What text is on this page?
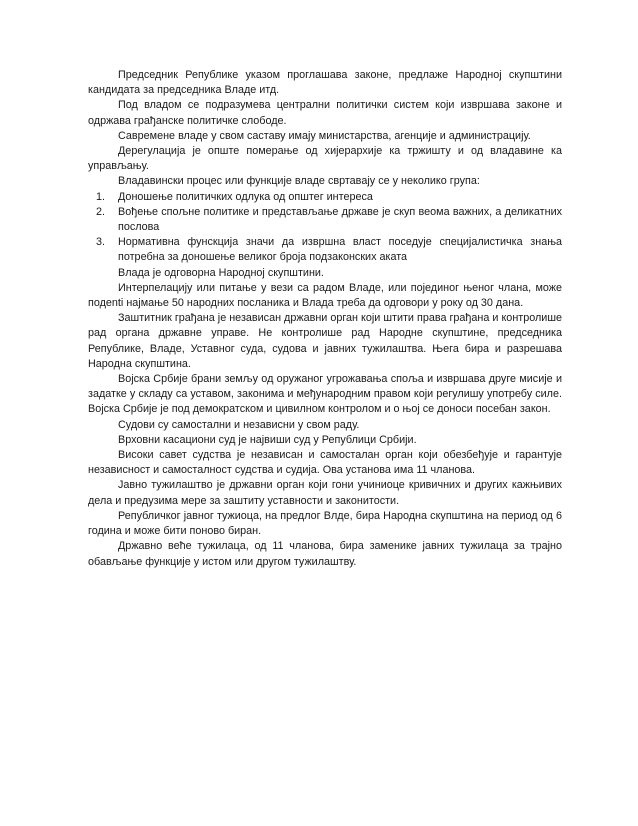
Председник Републике указом проглашава законе, предлаже Народној скупштини кандидата за председника Владе итд.

Под владом се подразумева централни политички систем који извршава законе и одржава грађанске политичке слободе.

Савремене владе у свом саставу имају министарства, агенције и администрацију.

Дерегулација је опште померање од хијерархије ка тржишту и од владавине ка управљању.

Владавински процес или функције владе свртавaју се у неколико група:

1. Доношење политичких одлука од општег интереса
2. Вођење спољне политике и представљање државе је скуп веома важних, а деликатних послова
3. Нормативна фунскција значи да извршна власт поседује специјалистичка знања потребна за доношење великог броја подзаконских аката

Влада је одговорна Народној скупштини.

Интерпелацију или питање у вези са радом Владе, или појединог њеног члана, може подenti најмање 50 народних посланика и Влада треба да одговори у року од 30 дана.

Заштитник грађана је независан државни орган који штити права грађана и контролише рад органа државне управе. Не контролише рад Народне скупштине, председника Републике, Владе, Уставног суда, судова и јавних тужилаштва. Њега бира и разрешава Народна скупштина.

Војска Србије брани земљу од оружаног угрожавања споља и извршава друге мисије и задатке у складу са уставом, законима и међународним правом који регулишу употребу силе. Војска Србије је под демократском и цивилном контролом и о њој се доноси посебан закон.

Судови су самостални и независни у свом раду.

Врховни касациони суд је највиши суд у Републици Србији.

Високи савет судства је независан и самосталан орган који обезбеђује и гарантује независност и самосталност судства и судија. Ова установа има 11 чланова.

Јавно тужилаштво је државни орган који гони учиниоце кривичних и других кажњивих дела и предузима мере за заштиту уставности и законитости.

Републичког јавног тужиоца, на предлог Влде, бира Народна скупштина на период од 6 година и може бити поново биран.

Државно веће тужилаца, од 11 чланова, бира заменике јавних тужилаца за трајно обављање функције у истом или другом тужилаштву.
